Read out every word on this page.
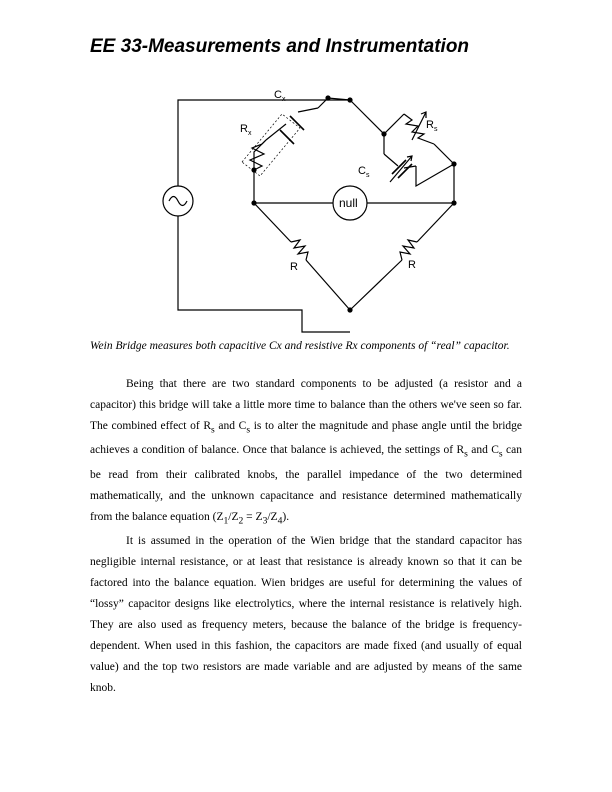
EE 33-Measurements and Instrumentation
$C_x$
$R_x$
$R_s$
$C_s$
null
R	R
Wein Bridge measures both capacitive Cx and resistive Rx components of “real” capacitor.

Being that there are two standard components to be adjusted (a resistor and a capacitor) this bridge will take a little more time to balance than the others we've seen so far. The combined effect of $R_s$ and $C_s$ is to alter the magnitude and phase angle until the bridge achieves a condition of balance. Once that balance is achieved, the settings of $R_s$ and $C_s$ can be read from their calibrated knobs, the parallel impedance of the two determined mathematically, and the unknown capacitance and resistance determined mathematically from the balance equation $(Z_1/Z_2 = Z_3/Z_4)$.

It is assumed in the operation of the Wien bridge that the standard capacitor has negligible internal resistance, or at least that resistance is already known so that it can be factored into the balance equation. Wien bridges are useful for determining the values of “lossy” capacitor designs like electrolytics, where the internal resistance is relatively high. They are also used as frequency meters, because the balance of the bridge is frequency-dependent. When used in this fashion, the capacitors are made fixed (and usually of equal value) and the top two resistors are made variable and are adjusted by means of the same knob.
